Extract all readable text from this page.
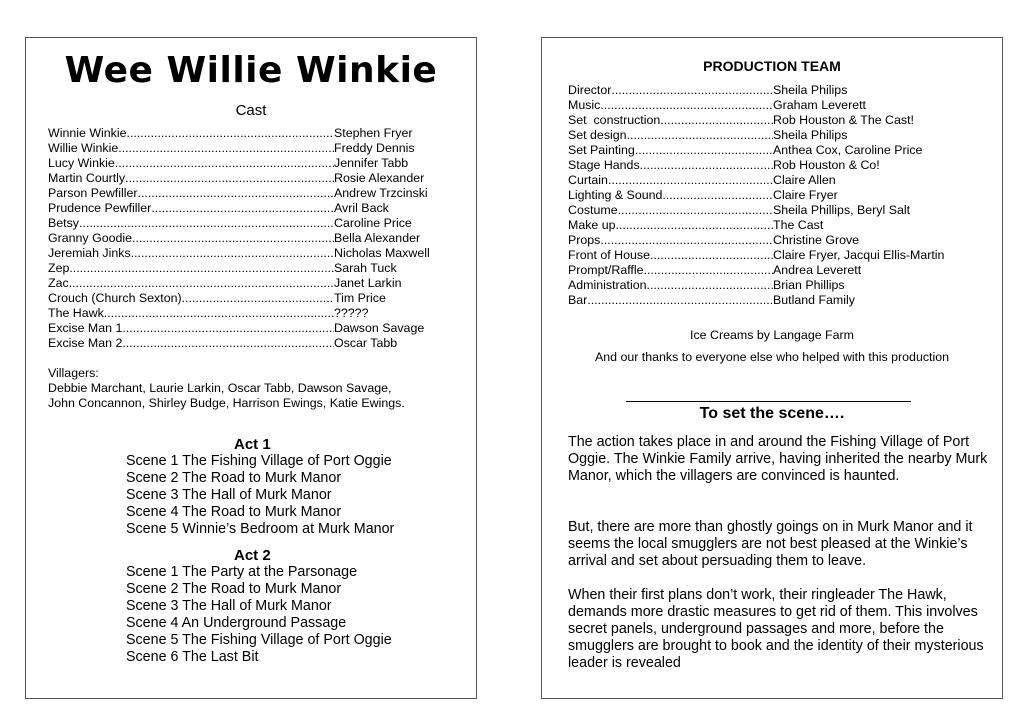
Wee Willie Winkie
Cast
Winnie Winkie .....	Stephen Fryer
Willie Winkie .....	Freddy Dennis
Lucy Winkie .....	Jennifer Tabb
Martin Courtly .....	Rosie Alexander
Parson Pewfiller .....	Andrew Trzcinski
Prudence Pewfiller .....	Avril Back
Betsy .....	Caroline Price
Granny Goodie .....	Bella Alexander
Jeremiah Jinks .....	Nicholas Maxwell
Zep .....	Sarah Tuck
Zac .....	Janet Larkin
Crouch (Church Sexton) .....	Tim Price
The Hawk .....	?????
Excise Man 1 .....	Dawson Savage
Excise Man 2 .....	Oscar Tabb
Villagers:
Debbie Marchant, Laurie Larkin, Oscar Tabb, Dawson Savage,
John Concannon, Shirley Budge, Harrison Ewings, Katie Ewings.
Act 1
Scene 1 The Fishing Village of Port Oggie
Scene 2 The Road to Murk Manor
Scene 3 The Hall of Murk Manor
Scene 4 The Road to Murk Manor
Scene 5 Winnie’s Bedroom at Murk Manor
Act 2
Scene 1 The Party at the Parsonage
Scene 2 The Road to Murk Manor
Scene 3 The Hall of Murk Manor
Scene 4 An Underground Passage
Scene 5 The Fishing Village of Port Oggie
Scene 6 The Last Bit
PRODUCTION TEAM
Director .....	Sheila Philips
Music .....	Graham Leverett
Set  construction .....	Rob Houston & The Cast!
Set design .....	Sheila Philips
Set Painting .....	Anthea Cox, Caroline Price
Stage Hands .....	Rob Houston & Co!
Curtain .....	Claire Allen
Lighting & Sound .....	Claire Fryer
Costume .....	Sheila Phillips, Beryl Salt
Make up .....	The Cast
Props .....	Christine Grove
Front of House .....	Claire Fryer, Jacqui Ellis-Martin
Prompt/Raffle .....	Andrea Leverett
Administration .....	Brian Phillips
Bar .....	Butland Family
Ice Creams by Langage Farm
And our thanks to everyone else who helped with this production
To set the scene….
The action takes place in and around the Fishing Village of Port Oggie. The Winkie Family arrive, having inherited the nearby Murk Manor, which the villagers are convinced is haunted.
But, there are more than ghostly goings on in Murk Manor and it seems the local smugglers are not best pleased at the Winkie’s arrival and set about persuading them to leave.
When their first plans don’t work, their ringleader The Hawk, demands more drastic measures to get rid of them. This involves secret panels, underground passages and more, before the smugglers are brought to book and the identity of their mysterious leader is revealed
